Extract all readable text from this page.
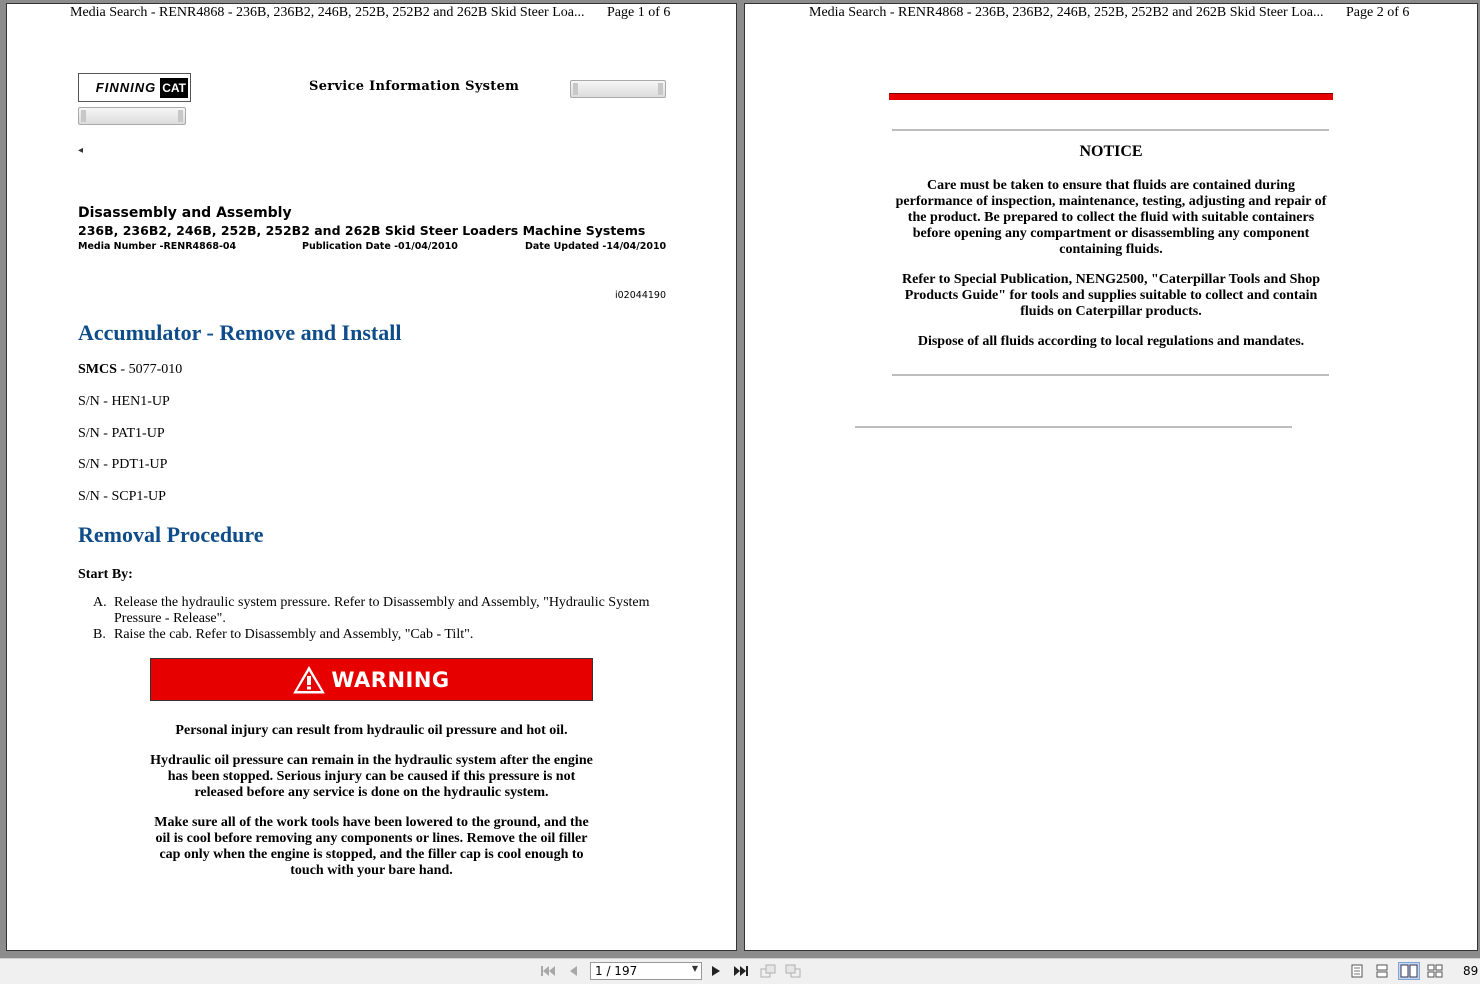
Media Search - RENR4868 - 236B, 236B2, 246B, 252B, 252B2 and 262B Skid Steer Loa... Page 1 of 6
FINNING CAT	Service Information System
◂
Disassembly and Assembly
236B, 236B2, 246B, 252B, 252B2 and 262B Skid Steer Loaders Machine Systems
Media Number -RENR4868-04	Publication Date -01/04/2010	Date Updated -14/04/2010
i02044190
Accumulator - Remove and Install
SMCS - 5077-010
S/N - HEN1-UP
S/N - PAT1-UP
S/N - PDT1-UP
S/N - SCP1-UP
Removal Procedure
Start By:
A. Release the hydraulic system pressure. Refer to Disassembly and Assembly, "Hydraulic System Pressure - Release".
B. Raise the cab. Refer to Disassembly and Assembly, "Cab - Tilt".
WARNING
Personal injury can result from hydraulic oil pressure and hot oil.
Hydraulic oil pressure can remain in the hydraulic system after the engine has been stopped. Serious injury can be caused if this pressure is not released before any service is done on the hydraulic system.
Make sure all of the work tools have been lowered to the ground, and the oil is cool before removing any components or lines. Remove the oil filler cap only when the engine is stopped, and the filler cap is cool enough to touch with your bare hand.
Media Search - RENR4868 - 236B, 236B2, 246B, 252B, 252B2 and 262B Skid Steer Loa... Page 2 of 6
NOTICE
Care must be taken to ensure that fluids are contained during performance of inspection, maintenance, testing, adjusting and repair of the product. Be prepared to collect the fluid with suitable containers before opening any compartment or disassembling any component containing fluids.
Refer to Special Publication, NENG2500, "Caterpillar Tools and Shop Products Guide" for tools and supplies suitable to collect and contain fluids on Caterpillar products.
Dispose of all fluids according to local regulations and mandates.
1 / 197	▼	89
